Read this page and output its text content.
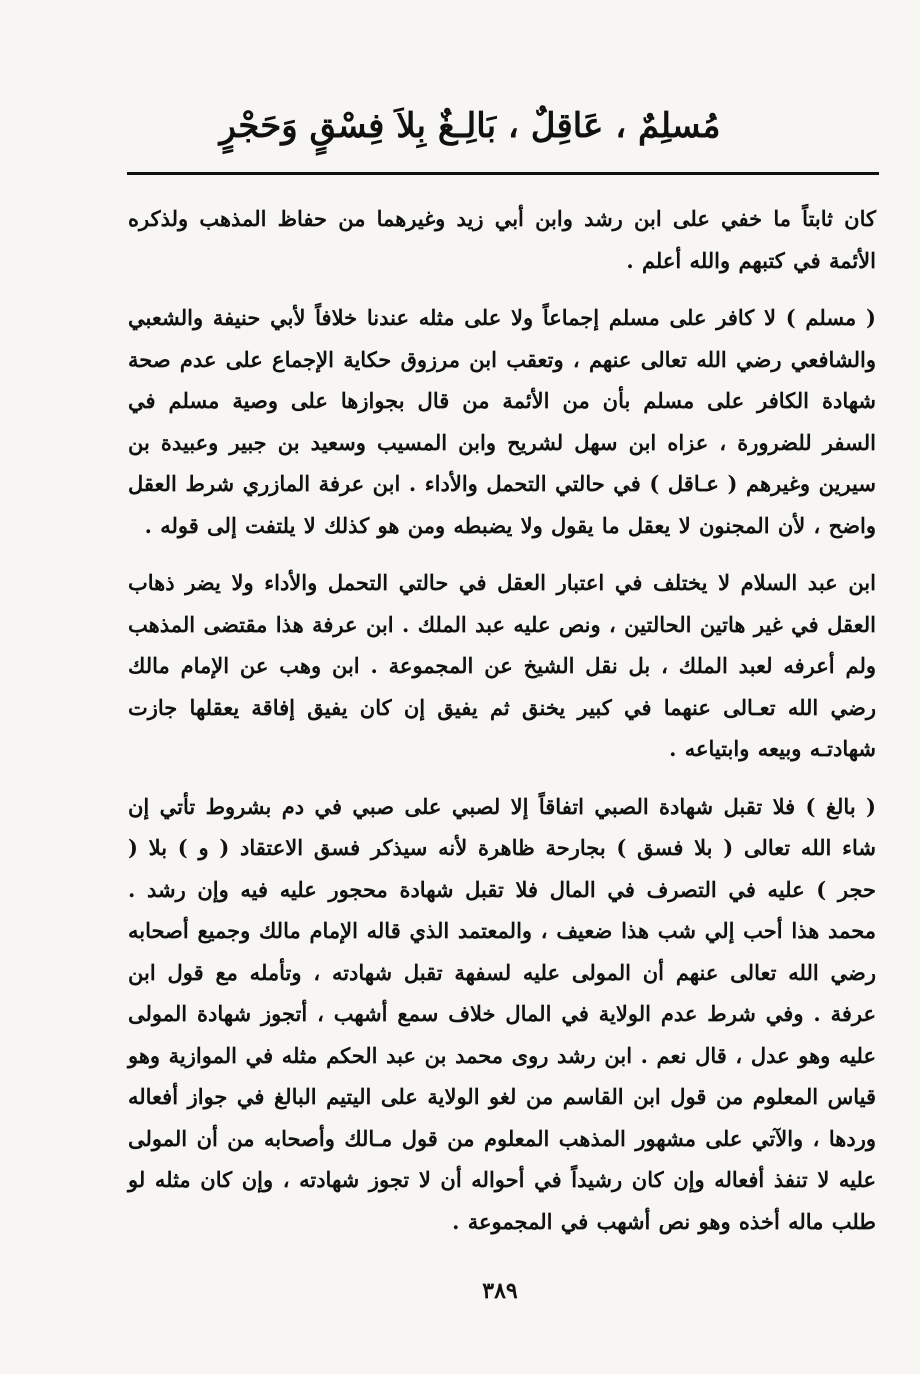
مُسلِمٌ ، عَاقِلٌ ، بَالِـغٌ بِلاَ فِسْقٍ وَحَجْرٍ

كان ثابتاً ما خفي على ابن رشد وابن أبي زيد وغيرهما من حفاظ المذهب ولذكره الأئمة في كتبهم والله أعلم .

( مسلم ) لا كافر على مسلم إجماعاً ولا على مثله عندنا خلافاً لأبي حنيفة والشعبي والشافعي رضي الله تعالى عنهم ، وتعقب ابن مرزوق حكاية الإجماع على عدم صحة شهادة الكافر على مسلم بأن من الأئمة من قال بجوازها على وصية مسلم في السفر للضرورة ، عزاه ابن سهل لشريح وابن المسيب وسعيد بن جبير وعبيدة بن سيرين وغيرهم ( عـاقل ) في حالتي التحمل والأداء . ابن عرفة المازري شرط العقل واضح ، لأن المجنون لا يعقل ما يقول ولا يضبطه ومن هو كذلك لا يلتفت إلى قوله .

ابن عبد السلام لا يختلف في اعتبار العقل في حالتي التحمل والأداء ولا يضر ذهاب العقل في غير هاتين الحالتين ، ونص عليه عبد الملك . ابن عرفة هذا مقتضى المذهب ولم أعرفه لعبد الملك ، بل نقل الشيخ عن المجموعة . ابن وهب عن الإمام مالك رضي الله تعـالى عنهما في كبير يخنق ثم يفيق إن كان يفيق إفاقة يعقلها جازت شهادتـه وبيعه وابتياعه .

( بالغ ) فلا تقبل شهادة الصبي اتفاقاً إلا لصبي على صبي في دم بشروط تأتي إن شاء الله تعالى ( بلا فسق ) بجارحة ظاهرة لأنه سيذكر فسق الاعتقاد ( و ) بلا ( حجر ) عليه في التصرف في المال فلا تقبل شهادة محجور عليه فيه وإن رشد . محمد هذا أحب إلي شب هذا ضعيف ، والمعتمد الذي قاله الإمام مالك وجميع أصحابه رضي الله تعالى عنهم أن المولى عليه لسفهة تقبل شهادته ، وتأمله مع قول ابن عرفة . وفي شرط عدم الولاية في المال خلاف سمع أشهب ، أتجوز شهادة المولى عليه وهو عدل ، قال نعم . ابن رشد روى محمد بن عبد الحكم مثله في الموازية وهو قياس المعلوم من قول ابن القاسم من لغو الولاية على اليتيم البالغ في جواز أفعاله وردها ، والآتي على مشهور المذهب المعلوم من قول مـالك وأصحابه من أن المولى عليه لا تنفذ أفعاله وإن كان رشيداً في أحواله أن لا تجوز شهادته ، وإن كان مثله لو طلب ماله أخذه وهو نص أشهب في المجموعة .

٣٨٩
